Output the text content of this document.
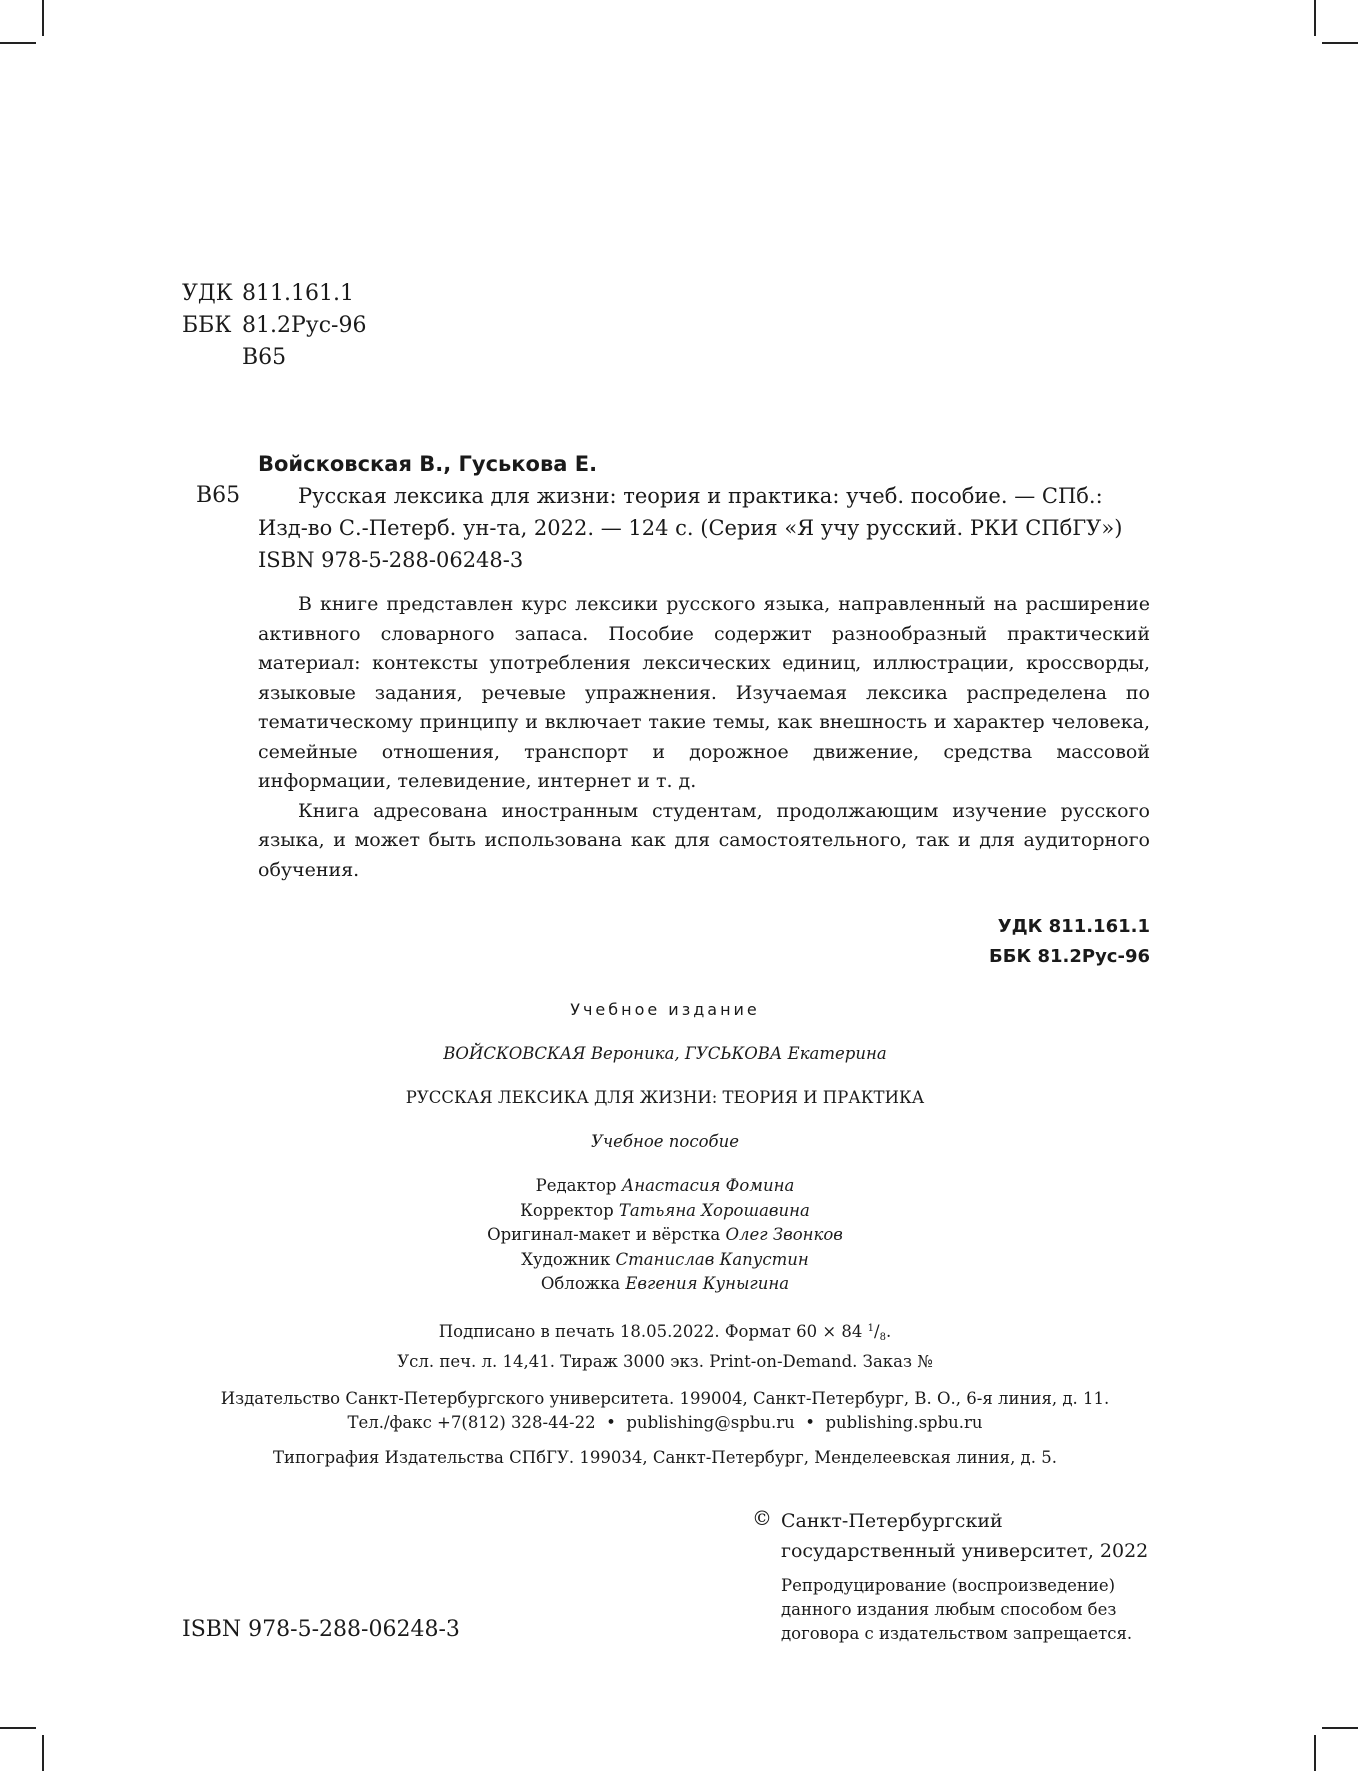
УДК 811.161.1
ББК 81.2Рус-96
В65
Войсковская В., Гуськова Е.
Русская лексика для жизни: теория и практика: учеб. пособие. — СПб.:
Изд-во С.-Петерб. ун-та, 2022. — 124 с. (Серия «Я учу русский. РКИ СПбГУ»)
ISBN 978-5-288-06248-3
В65

В книге представлен курс лексики русского языка, направленный на расширение активного словарного запаса. Пособие содержит разнообразный практический материал: контексты употребления лексических единиц, иллюстрации, кроссворды, языковые задания, речевые упражнения. Изучаемая лексика распределена по тематическому принципу и включает такие темы, как внешность и характер человека, семейные отношения, транспорт и дорожное движение, средства массовой информации, телевидение, интернет и т. д.

Книга адресована иностранным студентам, продолжающим изучение русского языка, и может быть использована как для самостоятельного, так и для аудиторного обучения.

УДК 811.161.1
ББК 81.2Рус-96
Учебное издание
ВОЙСКОВСКАЯ Вероника, ГУСЬКОВА Екатерина
РУССКАЯ ЛЕКСИКА ДЛЯ ЖИЗНИ: ТЕОРИЯ И ПРАКТИКА
Учебное пособие
Редактор Анастасия Фомина
Корректор Татьяна Хорошавина
Оригинал-макет и вёрстка Олег Звонков
Художник Станислав Капустин
Обложка Евгения Куныгина
Подписано в печать 18.05.2022. Формат 60 × 84 $^1/_8$.
Усл. печ. л. 14,41. Тираж 3000 экз. Print-on-Demand. Заказ №
Издательство Санкт-Петербургского университета. 199004, Санкт-Петербург, В. О., 6-я линия, д. 11.
Тел./факс +7(812) 328-44-22 • publishing@spbu.ru • publishing.spbu.ru
Типография Издательства СПбГУ. 199034, Санкт-Петербург, Менделеевская линия, д. 5.
© Санкт-Петербургский
государственный университет, 2022
Репродуцирование (воспроизведение)
данного издания любым способом без
договора с издательством запрещается.
ISBN 978-5-288-06248-3
